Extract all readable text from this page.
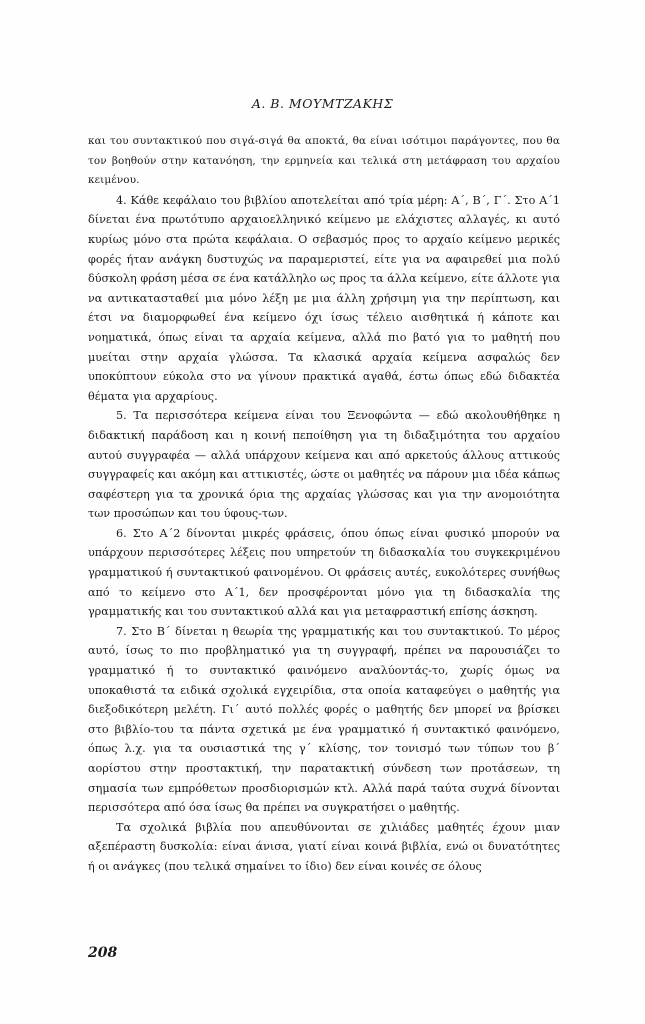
Α. Β. ΜΟΥΜΤΖΑΚΗΣ

και του συντακτικού που σιγά-σιγά θα αποκτά, θα είναι ισότιμοι παράγοντες, που θα τον βοηθούν στην κατανόηση, την ερμηνεία και τελικά στη μετάφραση του αρχαίου κειμένου.

4. Κάθε κεφάλαιο του βιβλίου αποτελείται από τρία μέρη: Α΄, Β΄, Γ΄. Στο Α΄1 δίνεται ένα πρωτότυπο αρχαιοελληνικό κείμενο με ελάχιστες αλλαγές, κι αυτό κυρίως μόνο στα πρώτα κεφάλαια. Ο σεβασμός προς το αρχαίο κείμενο μερικές φορές ήταν ανάγκη δυστυχώς να παραμεριστεί, είτε για να αφαιρεθεί μια πολύ δύσκολη φράση μέσα σε ένα κατάλληλο ως προς τα άλλα κείμενο, είτε άλλοτε για να αντικατασταθεί μια μόνο λέξη με μια άλλη χρήσιμη για την περίπτωση, και έτσι να διαμορφωθεί ένα κείμενο όχι ίσως τέλειο αισθητικά ή κάποτε και νοηματικά, όπως είναι τα αρχαία κείμενα, αλλά πιο βατό για το μαθητή που μυείται στην αρχαία γλώσσα. Τα κλασικά αρχαία κείμενα ασφαλώς δεν υποκύπτουν εύκολα στο να γίνουν πρακτικά αγαθά, έστω όπως εδώ διδακτέα θέματα για αρχαρίους.

5. Τα περισσότερα κείμενα είναι του Ξενοφώντα — εδώ ακολουθήθηκε η διδακτική παράδοση και η κοινή πεποίθηση για τη διδαξιμότητα του αρχαίου αυτού συγγραφέα — αλλά υπάρχουν κείμενα και από αρκετούς άλλους αττικούς συγγραφείς και ακόμη και αττικιστές, ώστε οι μαθητές να πάρουν μια ιδέα κάπως σαφέστερη για τα χρονικά όρια της αρχαίας γλώσσας και για την ανομοιότητα των προσώπων και του ύφους-των.

6. Στο Α΄2 δίνονται μικρές φράσεις, όπου όπως είναι φυσικό μπορούν να υπάρχουν περισσότερες λέξεις που υπηρετούν τη διδασκαλία του συγκεκριμένου γραμματικού ή συντακτικού φαινομένου. Οι φράσεις αυτές, ευκολότερες συνήθως από το κείμενο στο Α΄1, δεν προσφέρονται μόνο για τη διδασκαλία της γραμματικής και του συντακτικού αλλά και για μεταφραστική επίσης άσκηση.

7. Στο Β΄ δίνεται η θεωρία της γραμματικής και του συντακτικού. Το μέρος αυτό, ίσως το πιο προβληματικό για τη συγγραφή, πρέπει να παρουσιάζει το γραμματικό ή το συντακτικό φαινόμενο αναλύοντάς-το, χωρίς όμως να υποκαθιστά τα ειδικά σχολικά εγχειρίδια, στα οποία καταφεύγει ο μαθητής για διεξοδικότερη μελέτη. Γι΄ αυτό πολλές φορές ο μαθητής δεν μπορεί να βρίσκει στο βιβλίο-του τα πάντα σχετικά με ένα γραμματικό ή συντακτικό φαινόμενο, όπως λ.χ. για τα ουσιαστικά της γ΄ κλίσης, τον τονισμό των τύπων του β΄ αορίστου στην προστακτική, την παρατακτική σύνδεση των προτάσεων, τη σημασία των εμπρόθετων προσδιορισμών κτλ. Αλλά παρά ταύτα συχνά δίνονται περισσότερα από όσα ίσως θα πρέπει να συγκρατήσει ο μαθητής.

Τα σχολικά βιβλία που απευθύνονται σε χιλιάδες μαθητές έχουν μιαν αξεπέραστη δυσκολία: είναι άνισα, γιατί είναι κοινά βιβλία, ενώ οι δυνατότητες ή οι ανάγκες (που τελικά σημαίνει το ίδιο) δεν είναι κοινές σε όλους

208
